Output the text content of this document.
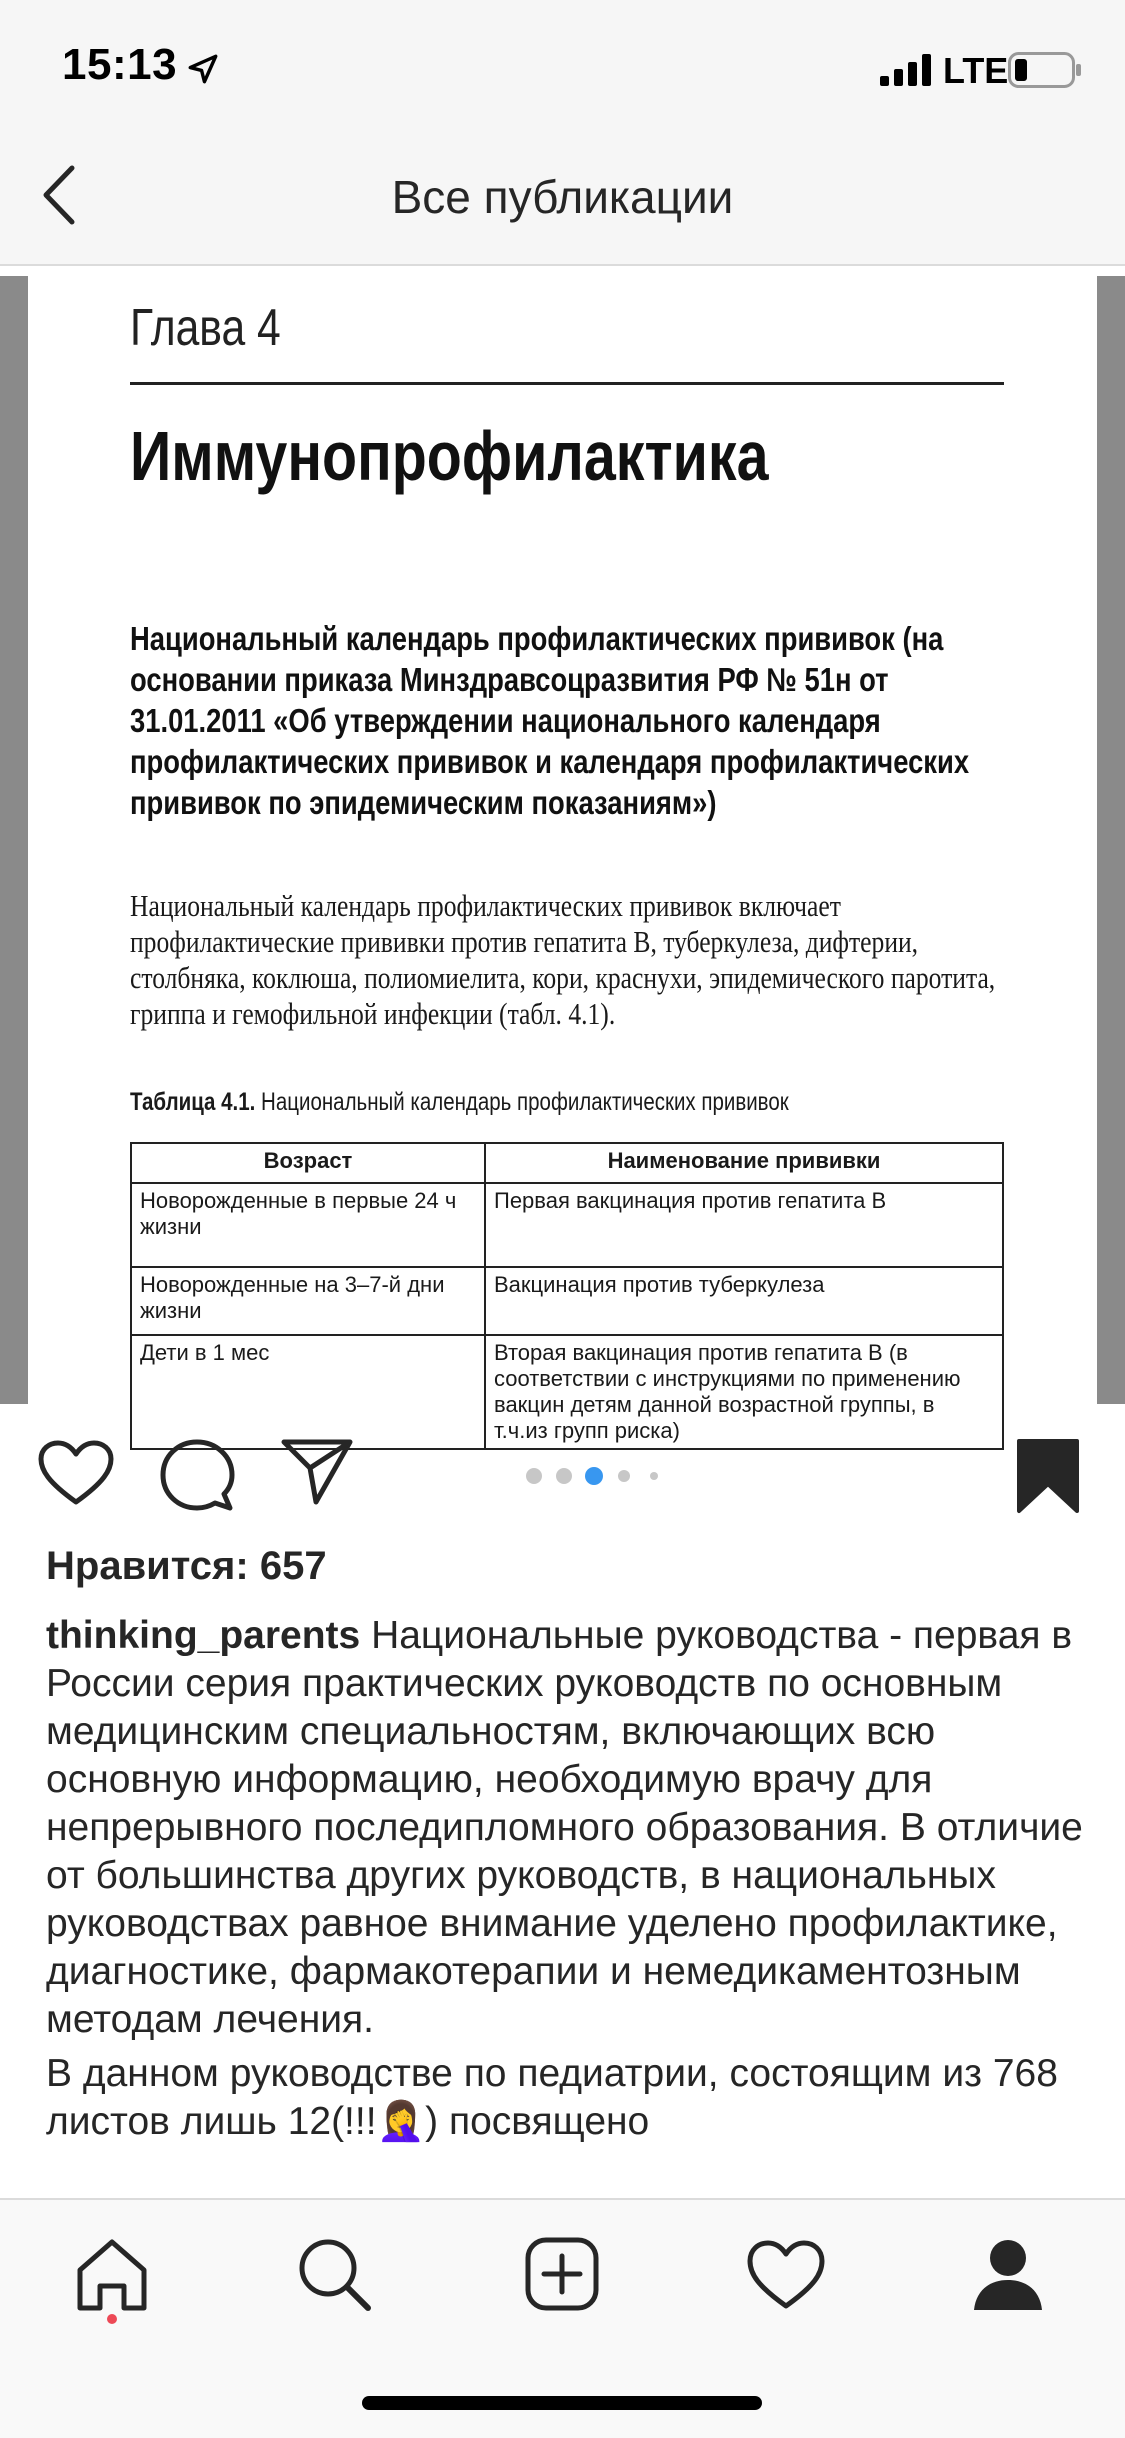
15:13	LTE
Все публикации
Глава 4
Иммунопрофилактика
Национальный календарь профилактических прививок (на основании приказа Минздравсоцразвития РФ № 51н от 31.01.2011 «Об утверждении национального календаря профилактических прививок и календаря профилактических прививок по эпидемическим показаниям»)
Национальный календарь профилактических прививок включает профилактические прививки против гепатита В, туберкулеза, дифтерии, столбняка, коклюша, полиомиелита, кори, краснухи, эпидемического паротита, гриппа и гемофильной инфекции (табл. 4.1).
Таблица 4.1. Национальный календарь профилактических прививок
Возраст	Наименование прививки
Новорожденные в первые 24 ч жизни	Первая вакцинация против гепатита В
Новорожденные на 3–7-й дни жизни	Вакцинация против туберкулеза
Дети в 1 мес	Вторая вакцинация против гепатита В (в соответствии с инструкциями по применению вакцин детям данной возрастной группы, в т.ч.из групп риска)
Нравится: 657

thinking_parents Национальные руководства - первая в России серия практических руководств по основным медицинским специальностям, включающих всю основную информацию, необходимую врачу для непрерывного последипломного образования. В отличие от большинства других руководств, в национальных руководствах равное внимание уделено профилактике, диагностике, фармакотерапии и немедикаментозным методам лечения.

В данном руководстве по педиатрии, состоящим из 768 листов лишь 12(!!!🤦‍♀️) посвящено
